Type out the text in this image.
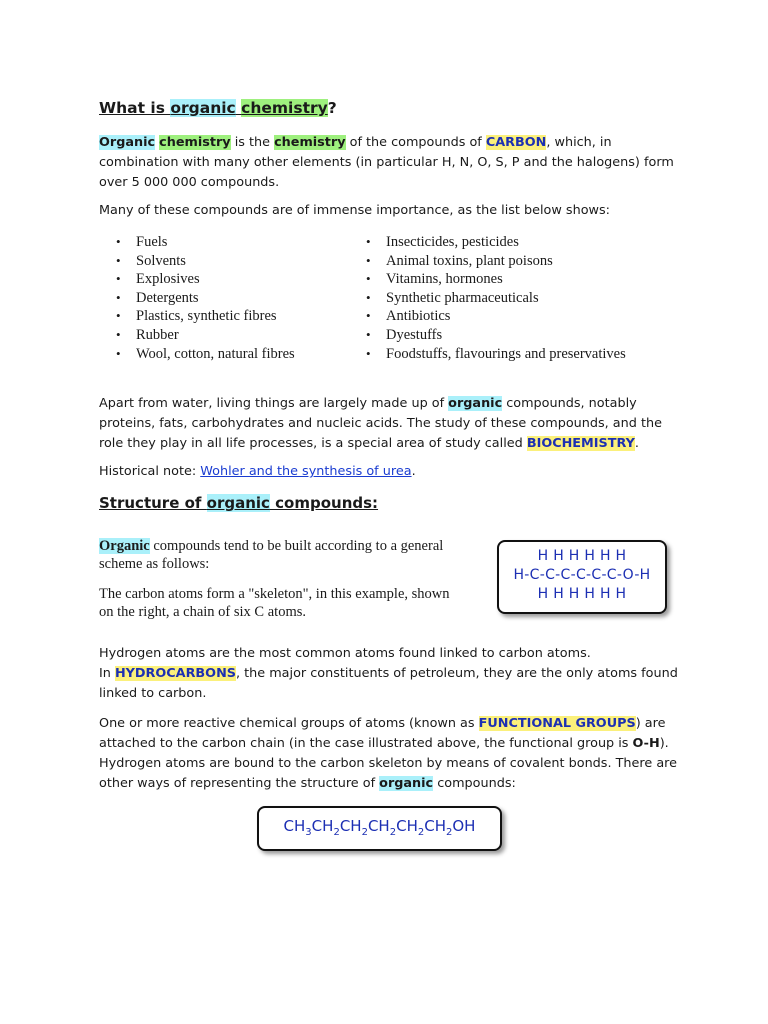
What is organic chemistry?
Organic chemistry is the chemistry of the compounds of CARBON, which, in combination with many other elements (in particular H, N, O, S, P and the halogens) form over 5 000 000 compounds.
Many of these compounds are of immense importance, as the list below shows:
• Fuels
• Solvents
• Explosives
• Detergents
• Plastics, synthetic fibres
• Rubber
• Wool, cotton, natural fibres
• Insecticides, pesticides
• Animal toxins, plant poisons
• Vitamins, hormones
• Synthetic pharmaceuticals
• Antibiotics
• Dyestuffs
• Foodstuffs, flavourings and preservatives
Apart from water, living things are largely made up of organic compounds, notably proteins, fats, carbohydrates and nucleic acids. The study of these compounds, and the role they play in all life processes, is a special area of study called BIOCHEMISTRY.
Historical note: Wohler and the synthesis of urea.
Structure of organic compounds:
Organic compounds tend to be built according to a general scheme as follows:
The carbon atoms form a "skeleton", in this example, shown on the right, a chain of six C atoms.
H H H H H H
H-C-C-C-C-C-C-O-H
H H H H H H
Hydrogen atoms are the most common atoms found linked to carbon atoms.
In HYDROCARBONS, the major constituents of petroleum, they are the only atoms found linked to carbon.
One or more reactive chemical groups of atoms (known as FUNCTIONAL GROUPS) are attached to the carbon chain (in the case illustrated above, the functional group is O-H). Hydrogen atoms are bound to the carbon skeleton by means of covalent bonds. There are other ways of representing the structure of organic compounds:
$CH_3CH_2CH_2CH_2CH_2CH_2OH$
